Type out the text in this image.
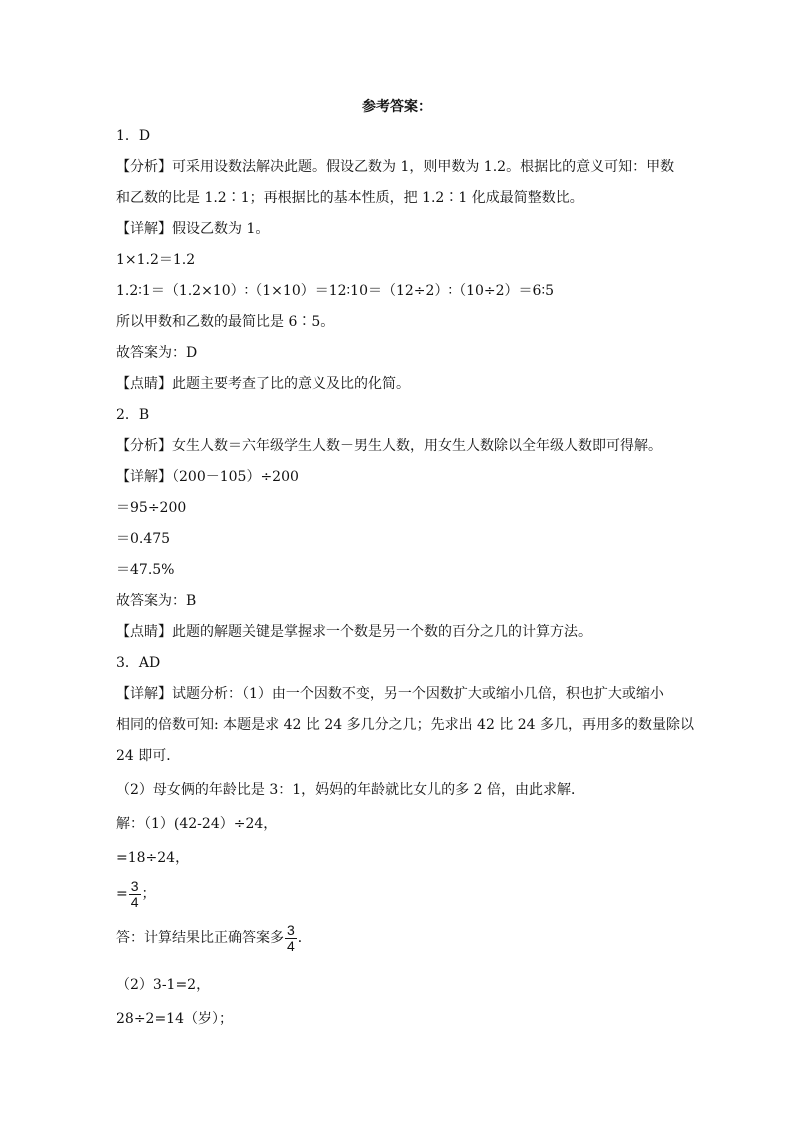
参考答案：
1．D
【分析】可采用设数法解决此题。假设乙数为 1，则甲数为 1.2。根据比的意义可知：甲数
和乙数的比是 1.2∶1；再根据比的基本性质，把 1.2∶1 化成最简整数比。
【详解】假设乙数为 1。
1×1.2＝1.2
1.2∶1＝（1.2×10）∶（1×10）＝12∶10＝（12÷2）∶（10÷2）＝6∶5
所以甲数和乙数的最简比是 6∶5。
故答案为：D
【点睛】此题主要考查了比的意义及比的化简。
2．B
【分析】女生人数＝六年级学生人数－男生人数，用女生人数除以全年级人数即可得解。
【详解】（200－105）÷200
＝95÷200
＝0.475
＝47.5%
故答案为：B
【点睛】此题的解题关键是掌握求一个数是另一个数的百分之几的计算方法。
3．AD
【详解】试题分析：（1）由一个因数不变，另一个因数扩大或缩小几倍，积也扩大或缩小
相同的倍数可知: 本题是求 42 比 24 多几分之几；先求出 42 比 24 多几，再用多的数量除以
24 即可．
（2）母女俩的年龄比是 3：1，妈妈的年龄就比女儿的多 2 倍，由此求解．
解：（1）(42-24）÷24，
=18÷24，
= $\frac{3}{4}$ ；
答：计算结果比正确答案多 $\frac{3}{4}$ ．
（2）3-1=2，
28÷2=14（岁）；
